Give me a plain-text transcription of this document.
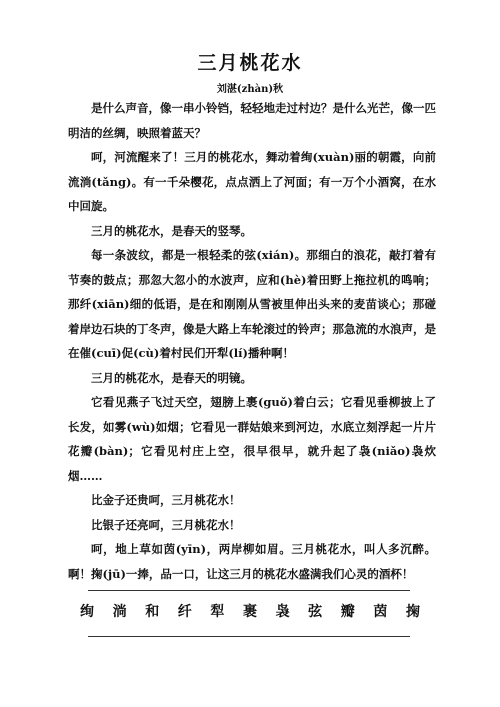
三月桃花水
刘湛(zhàn)秋

是什么声音，像一串小铃铛，轻轻地走过村边？是什么光芒，像一匹明洁的丝绸，映照着蓝天？

呵，河流醒来了！三月的桃花水，舞动着绚(xuàn)丽的朝霞，向前流淌(tǎng)。有一千朵樱花，点点洒上了河面；有一万个小酒窝，在水中回旋。

三月的桃花水，是春天的竖琴。

每一条波纹，都是一根轻柔的弦(xián)。那细白的浪花，敲打着有节奏的鼓点；那忽大忽小的水波声，应和(hè)着田野上拖拉机的鸣响；那纤(xiān)细的低语，是在和刚刚从雪被里伸出头来的麦苗谈心；那碰着岸边石块的丁冬声，像是大路上车轮滚过的铃声；那急流的水浪声，是在催(cuī)促(cù)着村民们开犁(lí)播种啊！

三月的桃花水，是春天的明镜。

它看见燕子飞过天空，翅膀上裹(guǒ)着白云；它看见垂柳披上了长发，如雾(wù)如烟；它看见一群姑娘来到河边，水底立刻浮起一片片花瓣(bàn)；它看见村庄上空，很早很早，就升起了袅(niǎo)袅炊烟……

比金子还贵呵，三月桃花水！

比银子还亮呵，三月桃花水！

呵，地上草如茵(yīn)，两岸柳如眉。三月桃花水，叫人多沉醉。啊！掬(jū)一捧，品一口，让这三月的桃花水盛满我们心灵的酒杯！

绚 淌 和 纤 犁 裹 袅 弦 瓣 茵 掬
